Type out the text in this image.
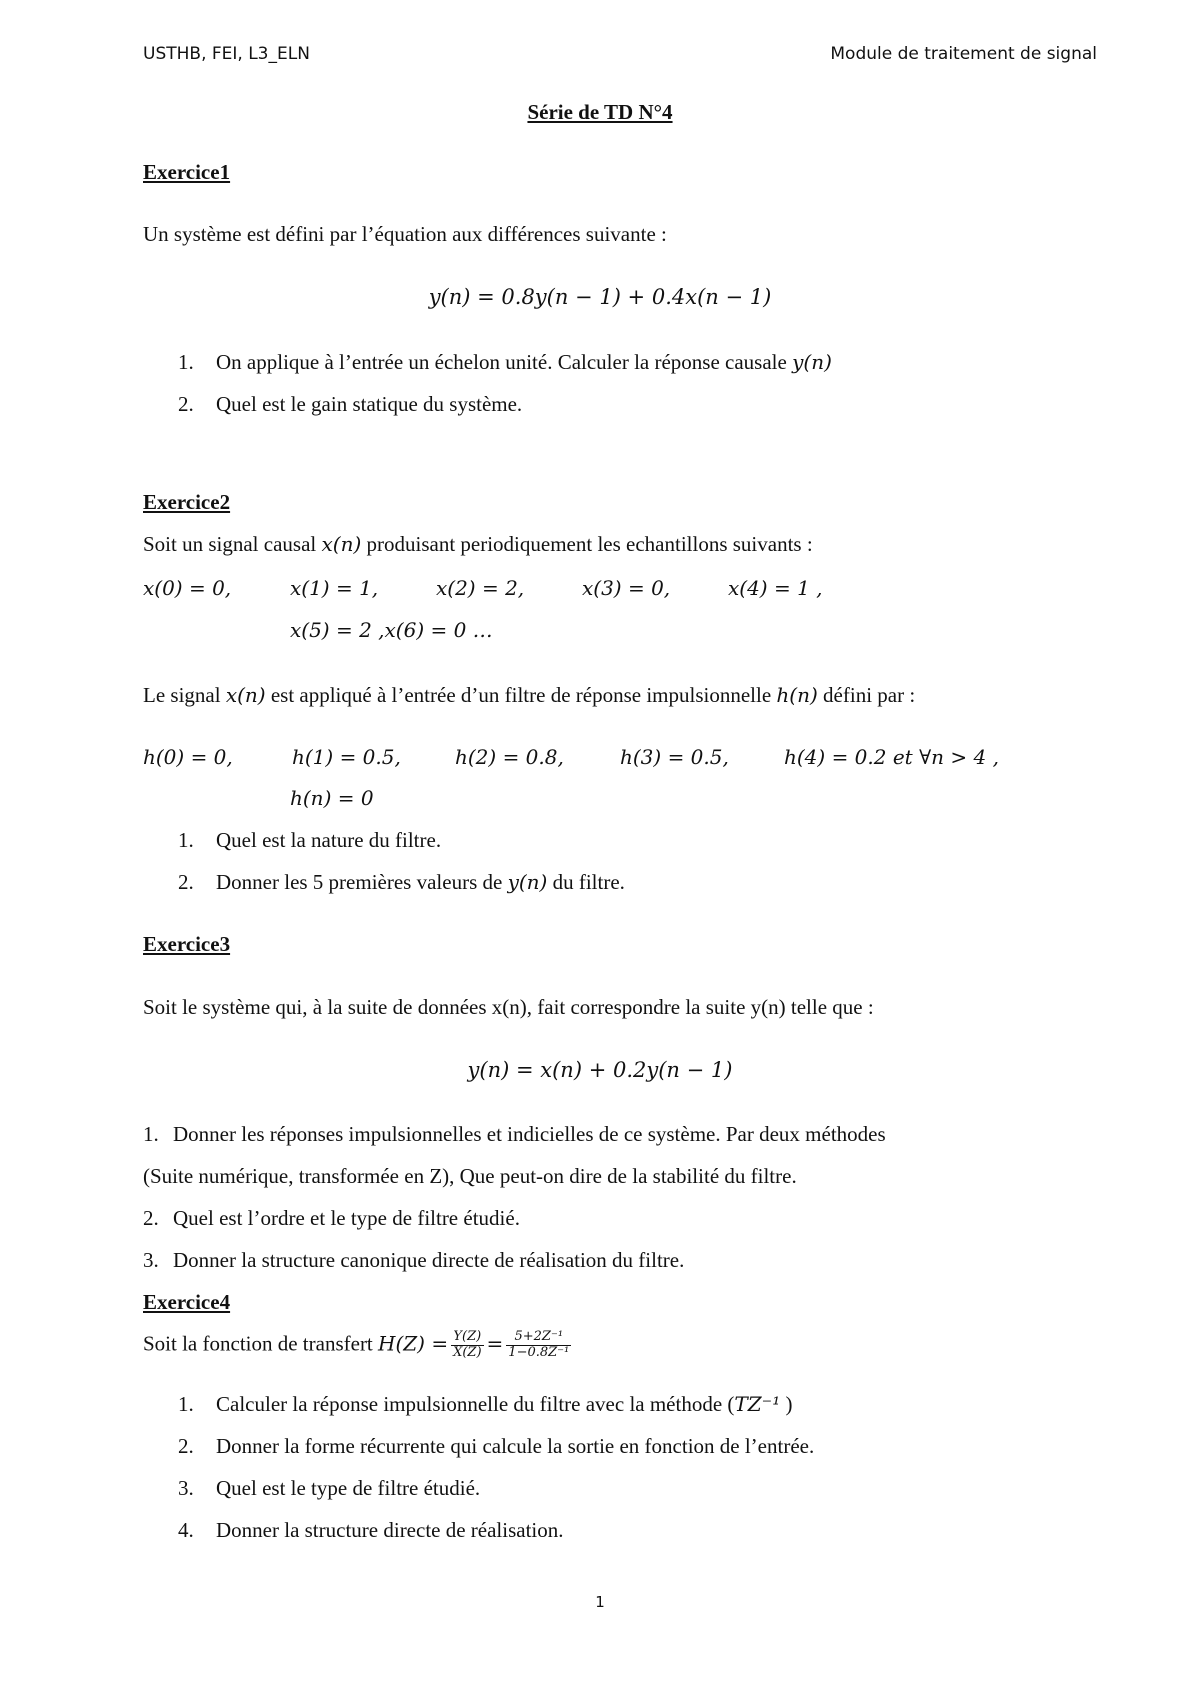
USTHB, FEI, L3_ELN	Module de traitement de signal
Série de TD N°4
Exercice1
Un système est défini par l’équation aux différences suivante :
y(n) = 0.8y(n − 1) + 0.4x(n − 1)
1. On applique à l’entrée un échelon unité. Calculer la réponse causale y(n)
2. Quel est le gain statique du système.
Exercice2
Soit un signal causal x(n) produisant periodiquement les echantillons suivants :
x(0) = 0,	x(1) = 1,	x(2) = 2,	x(3) = 0,	x(4) = 1 ,
x(5) = 2 ,x(6) = 0 …
Le signal x(n) est appliqué à l’entrée d’un filtre de réponse impulsionnelle h(n) défini par :
h(0) = 0,	h(1) = 0.5,	h(2) = 0.8,	h(3) = 0.5,	h(4) = 0.2 et ∀n > 4 ,
h(n) = 0
1. Quel est la nature du filtre.
2. Donner les 5 premières valeurs de y(n) du filtre.
Exercice3
Soit le système qui, à la suite de données x(n), fait correspondre la suite y(n) telle que :
y(n) = x(n) + 0.2y(n − 1)
1. Donner les réponses impulsionnelles et indicielles de ce système. Par deux méthodes
(Suite numérique, transformée en Z), Que peut-on dire de la stabilité du filtre.
2. Quel est l’ordre et le type de filtre étudié.
3. Donner la structure canonique directe de réalisation du filtre.
Exercice4
Soit la fonction de transfert $H(Z) = \frac{Y(Z)}{X(Z)} = \frac{\text{5+2Z⁻¹}}{\text{1−0.8Z⁻¹}}$
1. Calculer la réponse impulsionnelle du filtre avec la méthode (TZ⁻¹ )
2. Donner la forme récurrente qui calcule la sortie en fonction de l’entrée.
3. Quel est le type de filtre étudié.
4. Donner la structure directe de réalisation.
1
